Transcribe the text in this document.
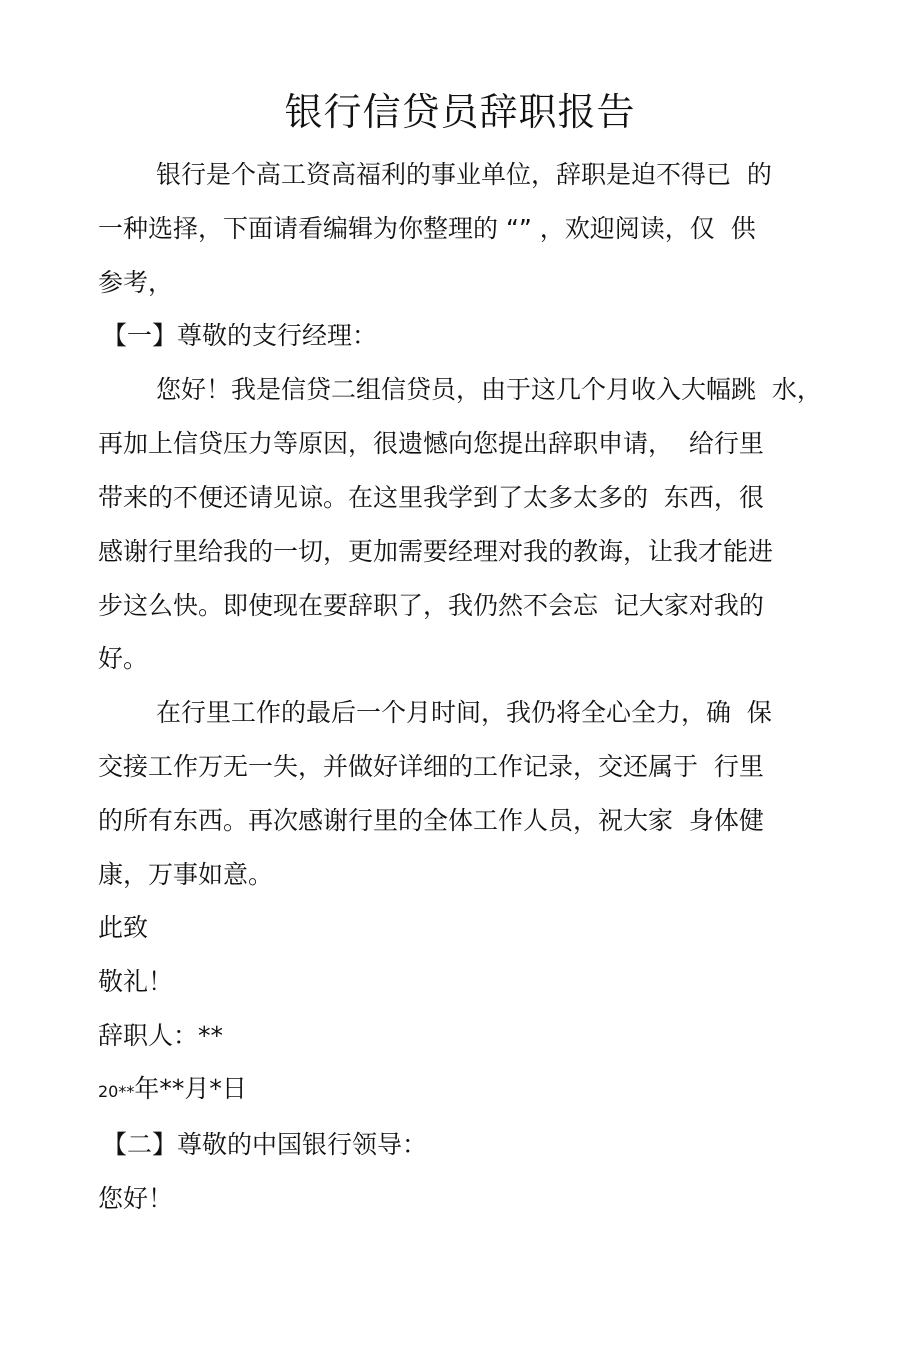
银行信贷员辞职报告

银行是个高工资高福利的事业单位，辞职是迫不得已  的

一种选择，下面请看编辑为你整理的 “” ，欢迎阅读，仅  供

参考，

【一】尊敬的支行经理：

您好！我是信贷二组信贷员，由于这几个月收入大幅跳  水，

再加上信贷压力等原因，很遗憾向您提出辞职申请，  给行里

带来的不便还请见谅。在这里我学到了太多太多的  东西，很

感谢行里给我的一切，更加需要经理对我的教诲，让我才能进

步这么快。即使现在要辞职了，我仍然不会忘  记大家对我的

好。

在行里工作的最后一个月时间，我仍将全心全力，确  保

交接工作万无一失，并做好详细的工作记录，交还属于  行里

的所有东西。再次感谢行里的全体工作人员，祝大家  身体健

康，万事如意。

此致

敬礼！

辞职人：**

20**年**月*日

【二】尊敬的中国银行领导：

您好！
